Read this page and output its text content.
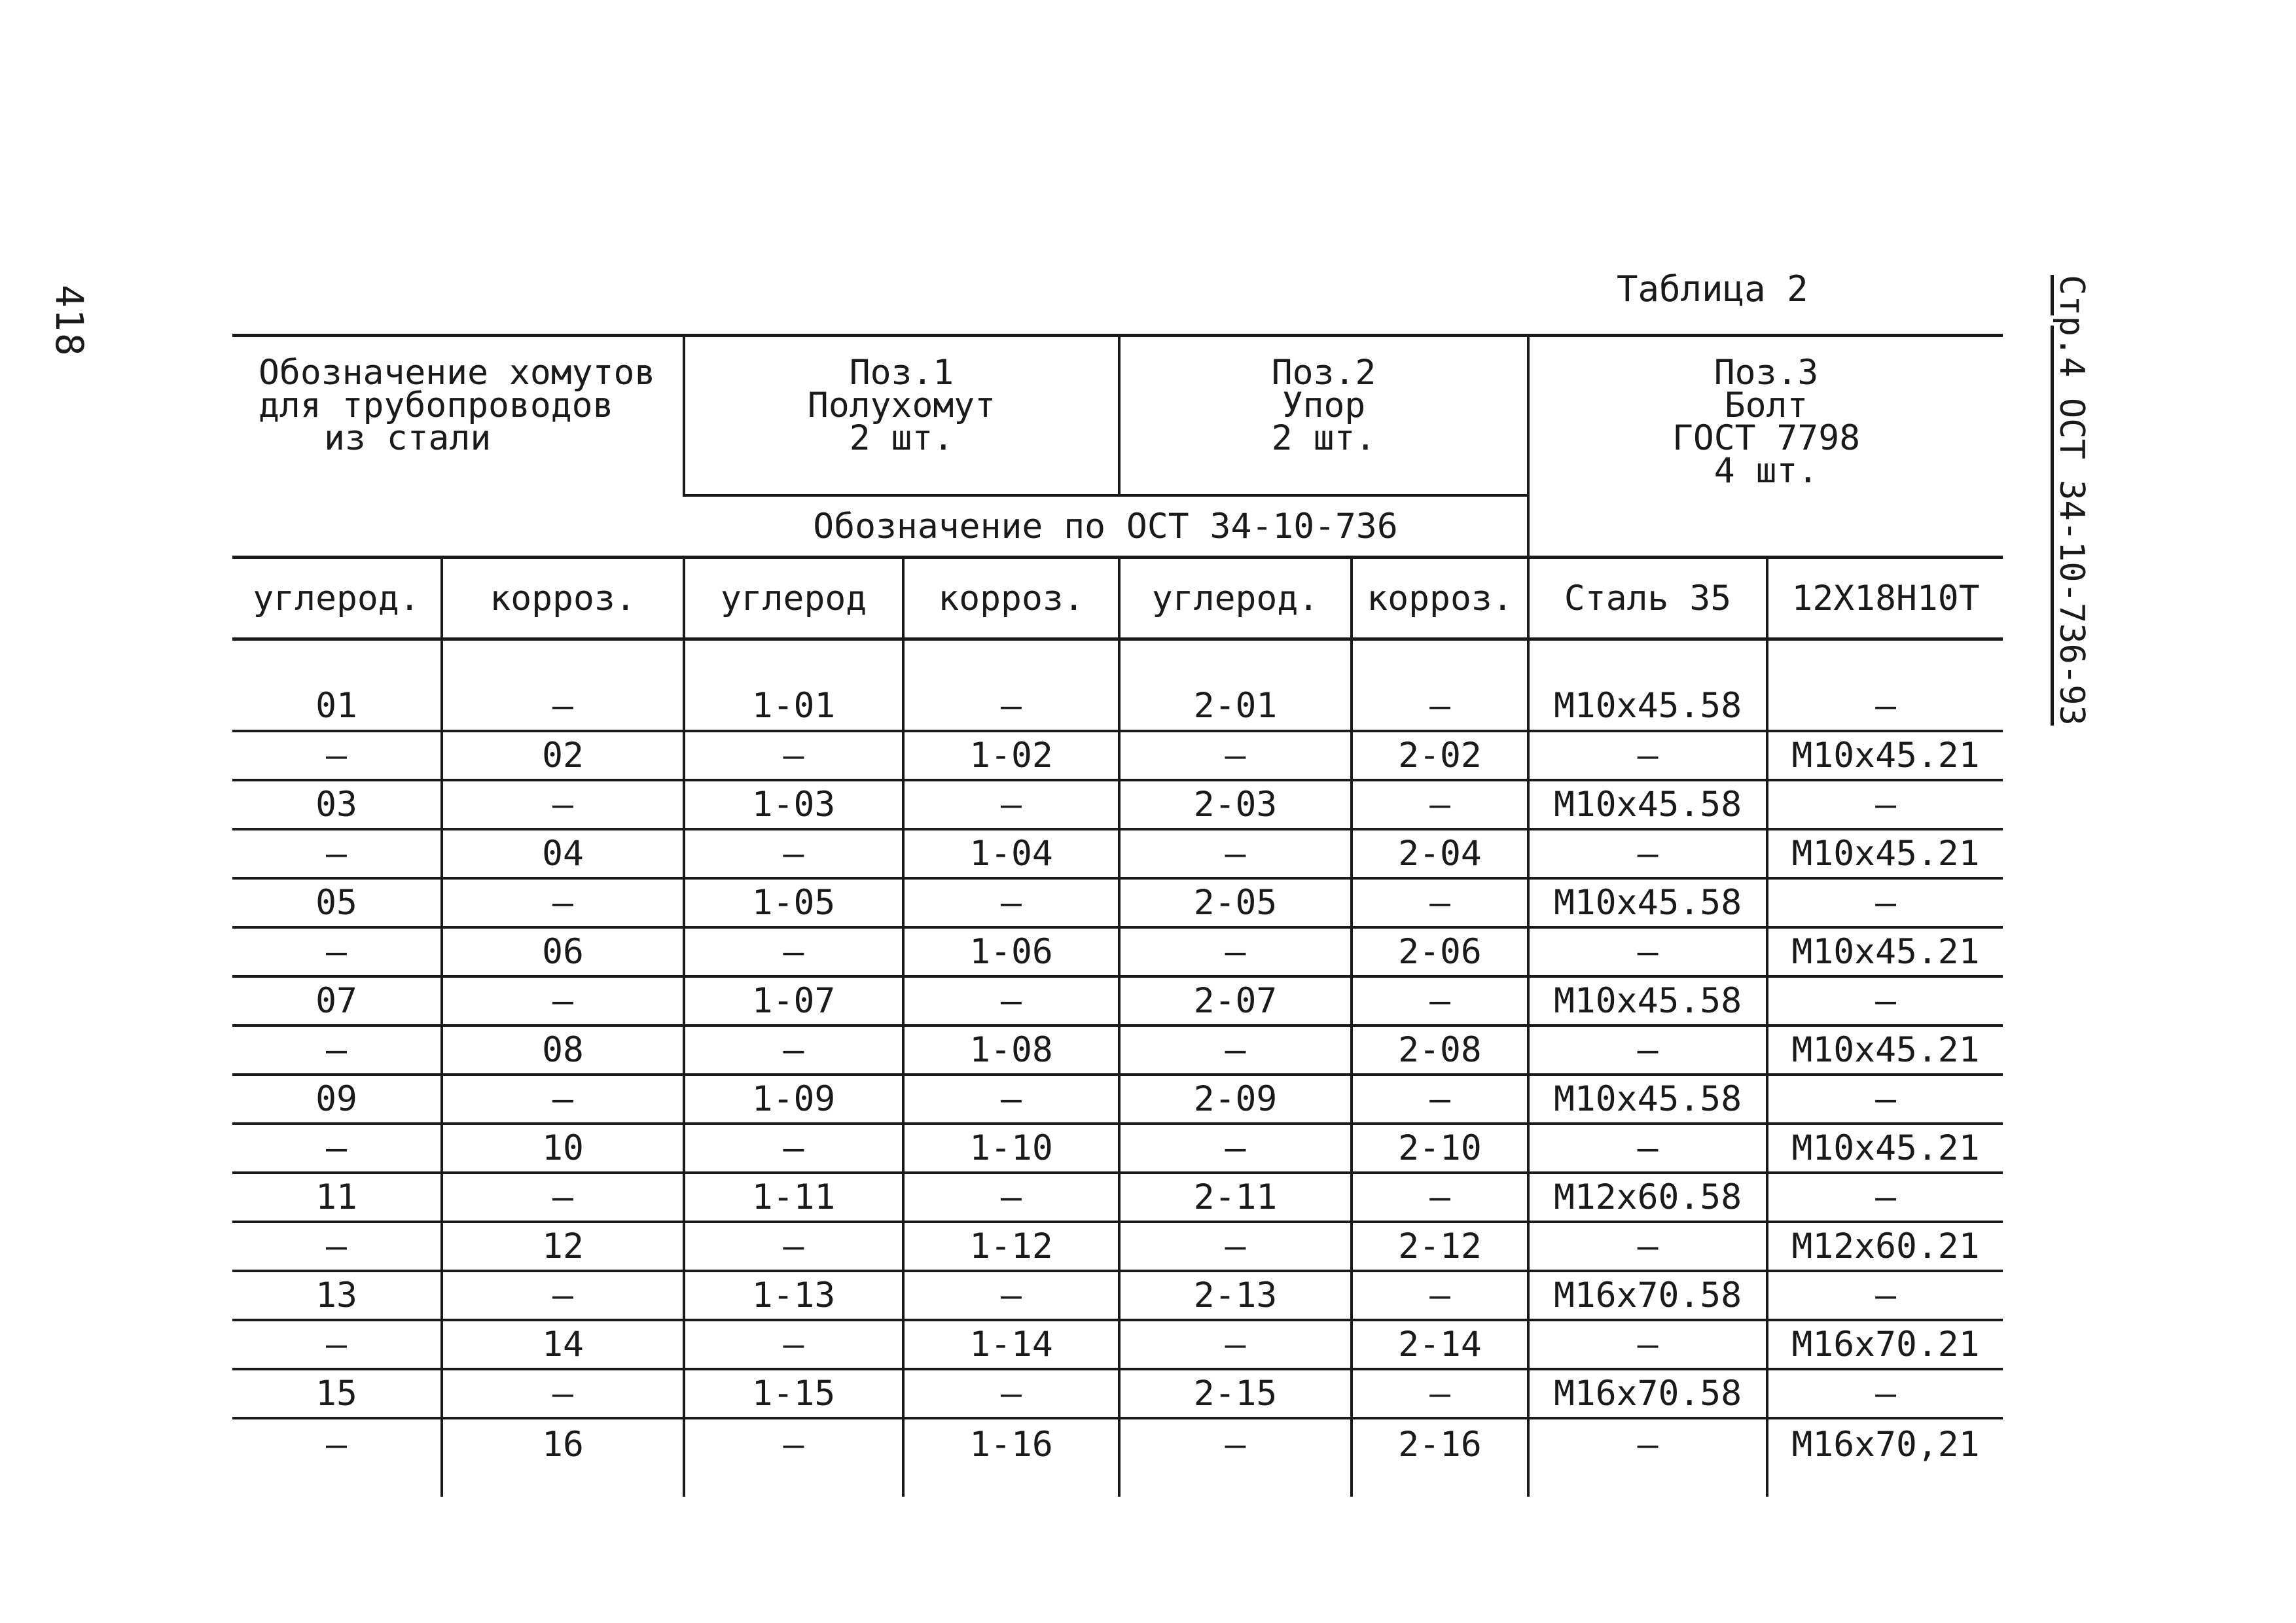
418	Стр.4 ОСТ 34-10-736-93
Таблица 2
Обозначение хомутов
для трубопроводов
из стали		Поз.1
Полухомут
2 шт.		Поз.2
Упор
2 шт.		Поз.3
Болт
ГОСТ 7798
4 шт.	

		Обозначение по ОСТ 34-10-736					
углерод.	корроз.	углерод	корроз.	углерод.	корроз.	Сталь 35	12Х18Н10Т
01	–	1-01	–	2-01	–	М10x45.58	–
–	02	–	1-02	–	2-02	–	М10x45.21
03	–	1-03	–	2-03	–	М10x45.58	–
–	04	–	1-04	–	2-04	–	М10x45.21
05	–	1-05	–	2-05	–	М10x45.58	–
–	06	–	1-06	–	2-06	–	М10x45.21
07	–	1-07	–	2-07	–	М10x45.58	–
–	08	–	1-08	–	2-08	–	М10x45.21
09	–	1-09	–	2-09	–	М10x45.58	–
–	10	–	1-10	–	2-10	–	М10x45.21
11	–	1-11	–	2-11	–	М12x60.58	–
–	12	–	1-12	–	2-12	–	М12x60.21
13	–	1-13	–	2-13	–	М16x70.58	–
–	14	–	1-14	–	2-14	–	М16x70.21
15	–	1-15	–	2-15	–	М16x70.58	–
–	16	–	1-16	–	2-16	–	М16x70,21
